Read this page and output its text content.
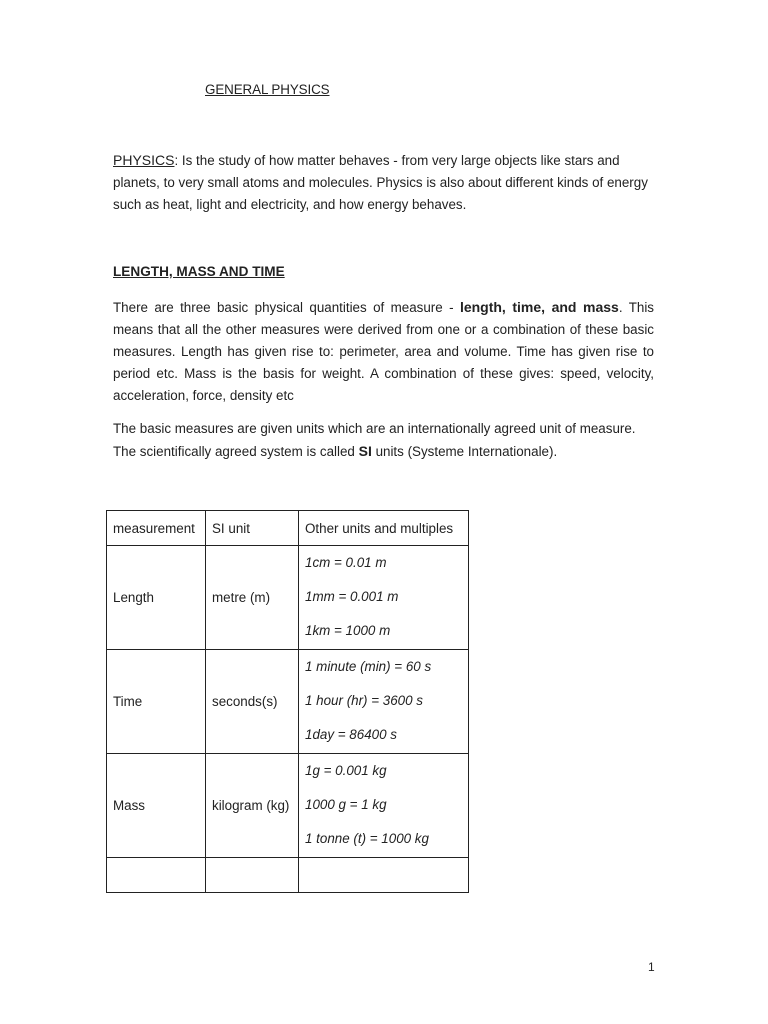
GENERAL PHYSICS
PHYSICS: Is the study of how matter behaves - from very large objects like stars and planets, to very small atoms and molecules. Physics is also about different kinds of energy such as heat, light and electricity, and how energy behaves.
LENGTH, MASS AND TIME
There are three basic physical quantities of measure - length, time, and mass. This means that all the other measures were derived from one or a combination of these basic measures. Length has given rise to: perimeter, area and volume. Time has given rise to period etc. Mass is the basis for weight. A combination of these gives: speed, velocity, acceleration, force, density etc
The basic measures are given units which are an internationally agreed unit of measure. The scientifically agreed system is called SI units (Systeme Internationale).
measurement	SI unit	Other units and multiples
Length	metre (m)	1cm = 0.01 m
1mm = 0.001 m
1km = 1000 m

Time	seconds(s)	1 minute (min) = 60 s
1 hour (hr) = 3600 s
1day = 86400 s

Mass	kilogram (kg)	1g = 0.001 kg
1000 g = 1 kg
1 tonne (t) = 1000 kg

1
